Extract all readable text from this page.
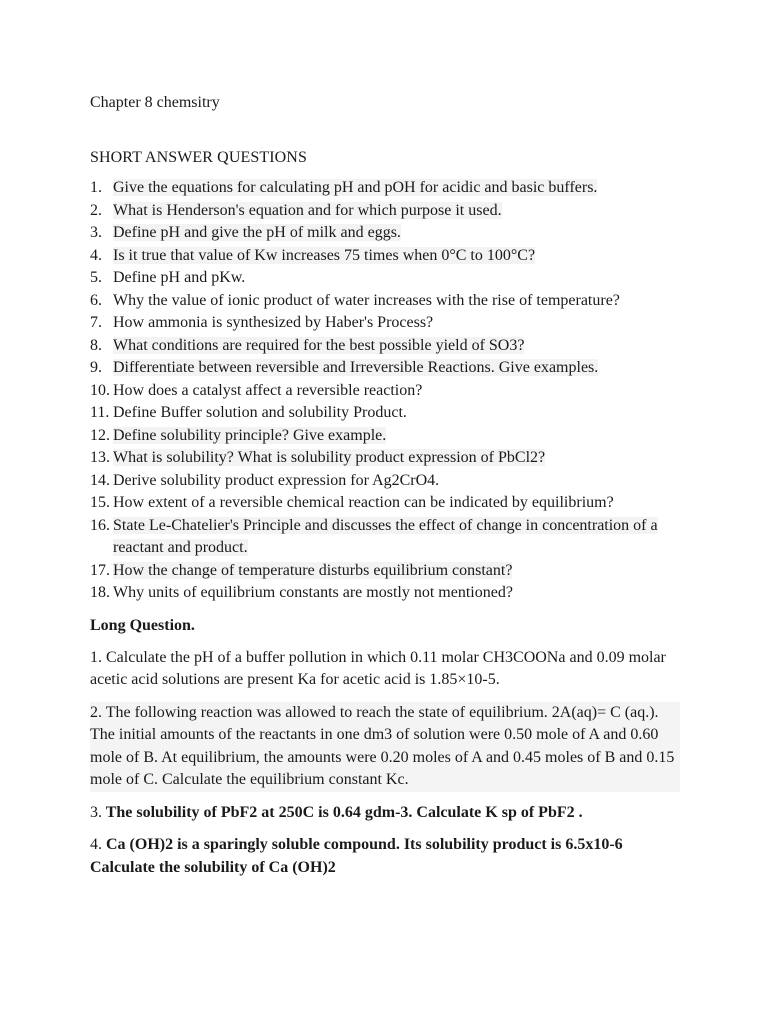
Chapter 8 chemsitry

SHORT ANSWER QUESTIONS

1. Give the equations for calculating pH and pOH for acidic and basic buffers.
2. What is Henderson's equation and for which purpose it used.
3. Define pH and give the pH of milk and eggs.
4. Is it true that value of Kw increases 75 times when 0°C to 100°C?
5. Define pH and pKw.
6. Why the value of ionic product of water increases with the rise of temperature?
7. How ammonia is synthesized by Haber's Process?
8. What conditions are required for the best possible yield of SO3?
9. Differentiate between reversible and Irreversible Reactions. Give examples.
10. How does a catalyst affect a reversible reaction?
11. Define Buffer solution and solubility Product.
12. Define solubility principle? Give example.
13. What is solubility? What is solubility product expression of PbCl2?
14. Derive solubility product expression for Ag2CrO4.
15. How extent of a reversible chemical reaction can be indicated by equilibrium?
16. State Le-Chatelier's Principle and discusses the effect of change in concentration of a reactant and product.
17. How the change of temperature disturbs equilibrium constant?
18. Why units of equilibrium constants are mostly not mentioned?

Long Question.

1. Calculate the pH of a buffer pollution in which 0.11 molar CH3COONa and 0.09 molar acetic acid solutions are present Ka for acetic acid is 1.85×10-5.

2. The following reaction was allowed to reach the state of equilibrium. 2A(aq)= C (aq.). The initial amounts of the reactants in one dm3 of solution were 0.50 mole of A and 0.60 mole of B. At equilibrium, the amounts were 0.20 moles of A and 0.45 moles of B and 0.15 mole of C. Calculate the equilibrium constant Kc.

3. The solubility of PbF2 at 250C is 0.64 gdm-3. Calculate K sp of PbF2 .

4. Ca (OH)2 is a sparingly soluble compound. Its solubility product is 6.5x10-6 Calculate the solubility of Ca (OH)2
